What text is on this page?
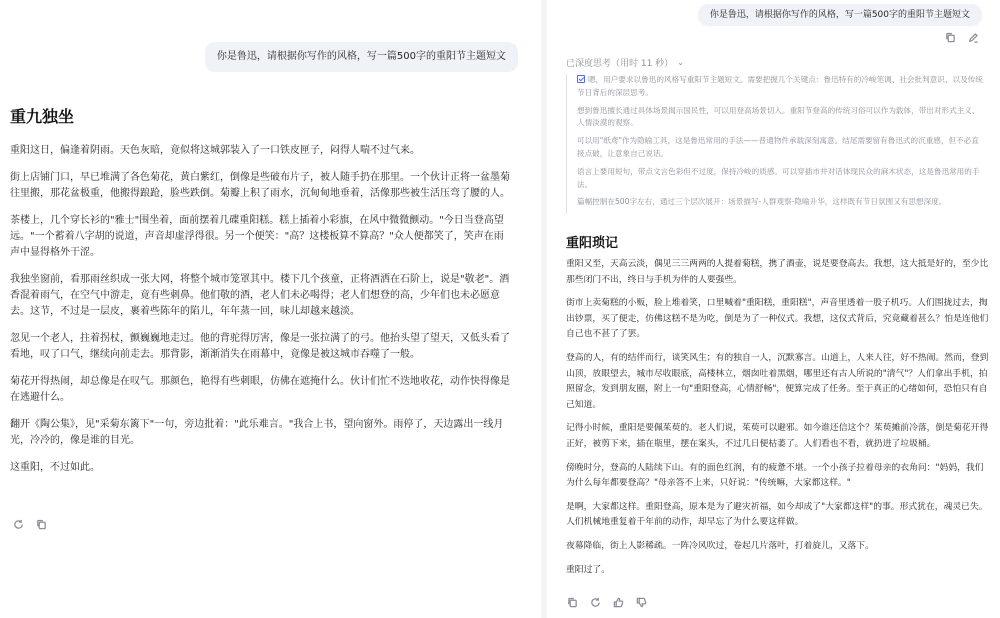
你是鲁迅，请根据你写作的风格，写一篇500字的重阳节主题短文
重九独坐

重阳这日，偏逢着阴雨。天色灰暗，竟似将这城郭装入了一口铁皮匣子，闷得人喘不过气来。

街上店铺门口，早已堆满了各色菊花，黄白紫红，倒像是些破布片子，被人随手扔在那里。一个伙计正将一盆墨菊往里搬，那花盆极重，他搬得踉跄，脸些跌倒。菊瓣上积了雨水，沉甸甸地垂着，活像那些被生活压弯了腰的人。

茶楼上，几个穿长衫的"雅士"围坐着，面前摆着几碟重阳糕。糕上插着小彩旗，在风中微微颤动。"今日当登高望远。"一个蓄着八字胡的说道，声音却虚浮得很。另一个便笑："高？这楼板算不算高？"众人便都笑了，笑声在雨声中显得格外干涩。

我独坐窗前，看那雨丝织成一张大网，将整个城市笼罩其中。楼下几个孩童，正将酒洒在石阶上，说是"敬老"。酒香混着雨气，在空气中游走，竟有些刺鼻。他们敬的酒，老人们未必喝得；老人们想登的高，少年们也未必愿意去。这节，不过是一层皮，裹着些陈年的陷儿，年年蒸一回，味儿却越来越淡。

忽见一个老人，拄着拐杖，颤巍巍地走过。他的背驼得厉害，像是一张拉满了的弓。他抬头望了望天，又低头看了看地，叹了口气，继续向前走去。那背影，渐渐消失在雨幕中，竟像是被这城市吞噬了一般。

菊花开得热闹，却总像是在叹气。那颜色，艳得有些刺眼，仿佛在遮掩什么。伙计们忙不迭地收花，动作快得像是在逃避什么。

翻开《陶公集》，见"采菊东篱下"一句，旁边批着："此乐难言。"我合上书，望向窗外。雨停了，天边露出一线月光，冷冷的，像是谁的目光。

这重阳，不过如此。

你是鲁迅，请根据你写作的风格，写一篇500字的重阳节主题短文
已深度思考（用时 11 秒） ⌄

嗯，用户要求以鲁迅的风格写重阳节主题短文。需要把握几个关键点：鲁迅特有的冷峻笔调、社会批判意识、以及传统节日背后的深层思考。

想到鲁迅擅长通过具体场景揭示国民性，可以用登高场景切入。重阳节登高的传统习俗可以作为载体，带出对形式主义、人情淡漠的观察。

可以用"纸鸢"作为隐喻工具，这是鲁迅常用的手法——普通物件承载深刻寓意。结尾需要留有鲁迅式的沉重感，但不必直接点破，让意象自己说话。

语言上要用短句，带点文言色彩但不过度，保持冷峻的质感。可以穿插市井对话体现民众的麻木状态，这是鲁迅常用的手法。

篇幅控制在500字左右，通过三个层次展开：场景描写-人群观察-隐喻升华，这样既有节日氛围又有思想深度。

重阳琐记

重阳又至，天高云淡，偶见三三两两的人提着菊糕，携了酒壶，说是要登高去。我想，这大抵是好的，至少比那些闭门不出，终日与手机为伴的人要强些。

街市上卖菊糕的小贩，脸上堆着笑，口里喊着"重阳糕，重阳糕"，声音里透着一股子机巧。人们围拢过去，掏出钞票，买了便走，仿佛这糕不是为吃，倒是为了一种仪式。我想，这仪式背后，究竟藏着甚么？怕是连他们自己也不甚了了罢。

登高的人，有的结伴而行，谈笑风生；有的独自一人，沉默寡言。山道上，人来人往，好不热闹。然而，登到山顶，放眼望去，城市尽收眼底，高楼林立，烟囱吐着黑烟，哪里还有古人所说的"清气"？人们拿出手机，拍照留念，发到朋友圈，附上一句"重阳登高，心情舒畅"，便算完成了任务。至于真正的心绪如何，恐怕只有自己知道。

记得小时候，重阳是要佩茱萸的。老人们说，茱萸可以避邪。如今谁还信这个？茱萸摊前冷落，倒是菊花开得正好，被剪下来，插在瓶里，摆在案头，不过几日便枯萎了。人们看也不看，就扔进了垃圾桶。

傍晚时分，登高的人陆续下山。有的面色红润，有的疲惫不堪。一个小孩子拉着母亲的衣角问："妈妈，我们为什么每年都要登高？"母亲答不上来，只好说："传统嘛，大家都这样。"

是啊，大家都这样。重阳登高，原本是为了避灾祈福，如今却成了"大家都这样"的事。形式犹在，魂灵已失。人们机械地重复着千年前的动作，却早忘了为什么要这样做。

夜幕降临，街上人影稀疏。一阵冷风吹过，卷起几片落叶，打着旋儿，又落下。

重阳过了。
